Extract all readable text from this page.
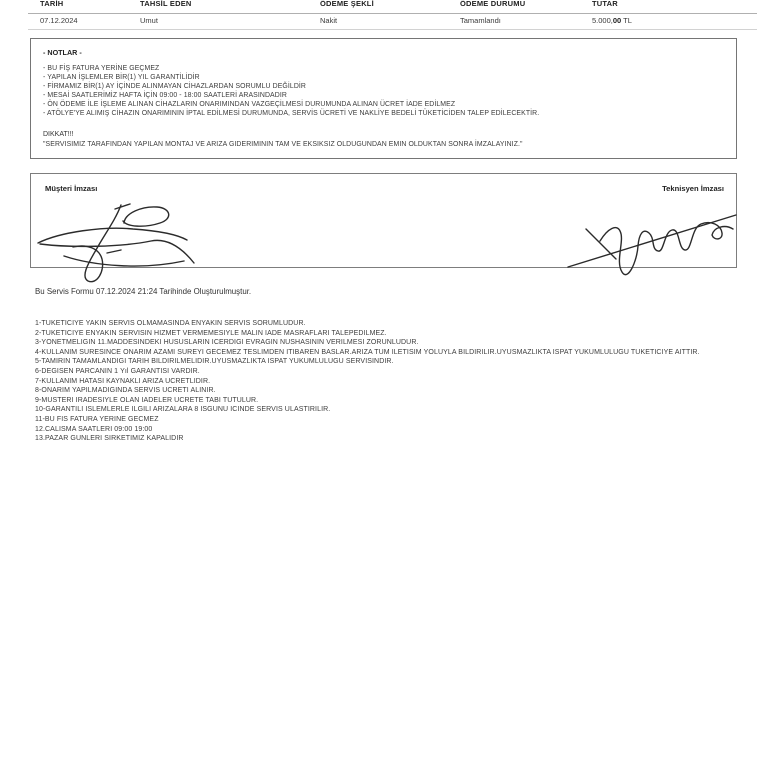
TARİH	TAHSİL EDEN	ÖDEME ŞEKLİ	ÖDEME DURUMU	TUTAR
07.12.2024	Umut	Nakit	Tamamlandı	5.000,00 TL
- NOTLAR -
- BU FİŞ FATURA YERİNE GEÇMEZ
- YAPILAN İŞLEMLER BİR(1) YIL GARANTİLİDİR
- FİRMAMIZ BİR(1) AY İÇİNDE ALINMAYAN CİHAZLARDAN SORUMLU DEĞİLDİR
- MESAİ SAATLERİMİZ HAFTA İÇİN 09:00 - 18:00 SAATLERİ ARASINDADIR
- ÖN ÖDEME İLE İŞLEME ALINAN CİHAZLARIN ONARIMINDAN VAZGEÇİLMESİ DURUMUNDA ALINAN ÜCRET İADE EDİLMEZ
- ATÖLYE'YE ALIMIŞ CİHAZIN ONARIMININ İPTAL EDİLMESİ DURUMUNDA, SERVİS ÜCRETİ VE NAKLİYE BEDELİ TÜKETİCİDEN TALEP EDİLECEKTİR.
DIKKAT!!!
"SERVISIMIZ TARAFINDAN YAPILAN MONTAJ VE ARIZA GIDERIMININ TAM VE EKSIKSIZ OLDUGUNDAN EMIN OLDUKTAN SONRA İMZALAYINIZ."
Müşteri İmzası	Teknisyen İmzası
Bu Servis Formu 07.12.2024 21:24 Tarihinde Oluşturulmuştur.
1-TUKETICIYE YAKIN SERVIS OLMAMASINDA ENYAKIN SERVIS SORUMLUDUR.
2-TUKETICIYE ENYAKIN SERVISIN HIZMET VERMEMESIYLE MALIN IADE MASRAFLARI TALEPEDILMEZ.
3-YONETMELIGIN 11.MADDESINDEKI HUSUSLARIN ICERDIGI EVRAGIN NUSHASININ VERILMESI ZORUNLUDUR.
4-KULLANIM SURESINCE ONARIM AZAMI SUREYI GECEMEZ TESLIMDEN ITIBAREN BASLAR.ARIZA TUM ILETISIM YOLUYLA BILDIRILIR.UYUSMAZLIKTA ISPAT YUKUMLULUGU TUKETICIYE AITTIR.
5-TAMIRIN TAMAMLANDIGI TARIH BILDIRILMELIDIR.UYUSMAZLIKTA ISPAT YUKUMLULUGU SERVISINDIR.
6-DEGISEN PARCANIN 1 Yıl GARANTISI VARDIR.
7-KULLANIM HATASI KAYNAKLI ARIZA UCRETLIDIR.
8-ONARIM YAPILMADIGINDA SERVIS UCRETI ALINIR.
9-MUSTERI IRADESIYLE OLAN IADELER UCRETE TABI TUTULUR.
10-GARANTILI ISLEMLERLE ILGILI ARIZALARA 8 ISGUNU ICINDE SERVIS ULASTIRILIR.
11-BU FIS FATURA YERINE GECMEZ
12.CALISMA SAATLERI 09:00 19:00
13.PAZAR GUNLERI SIRKETIMIZ KAPALIDIR
